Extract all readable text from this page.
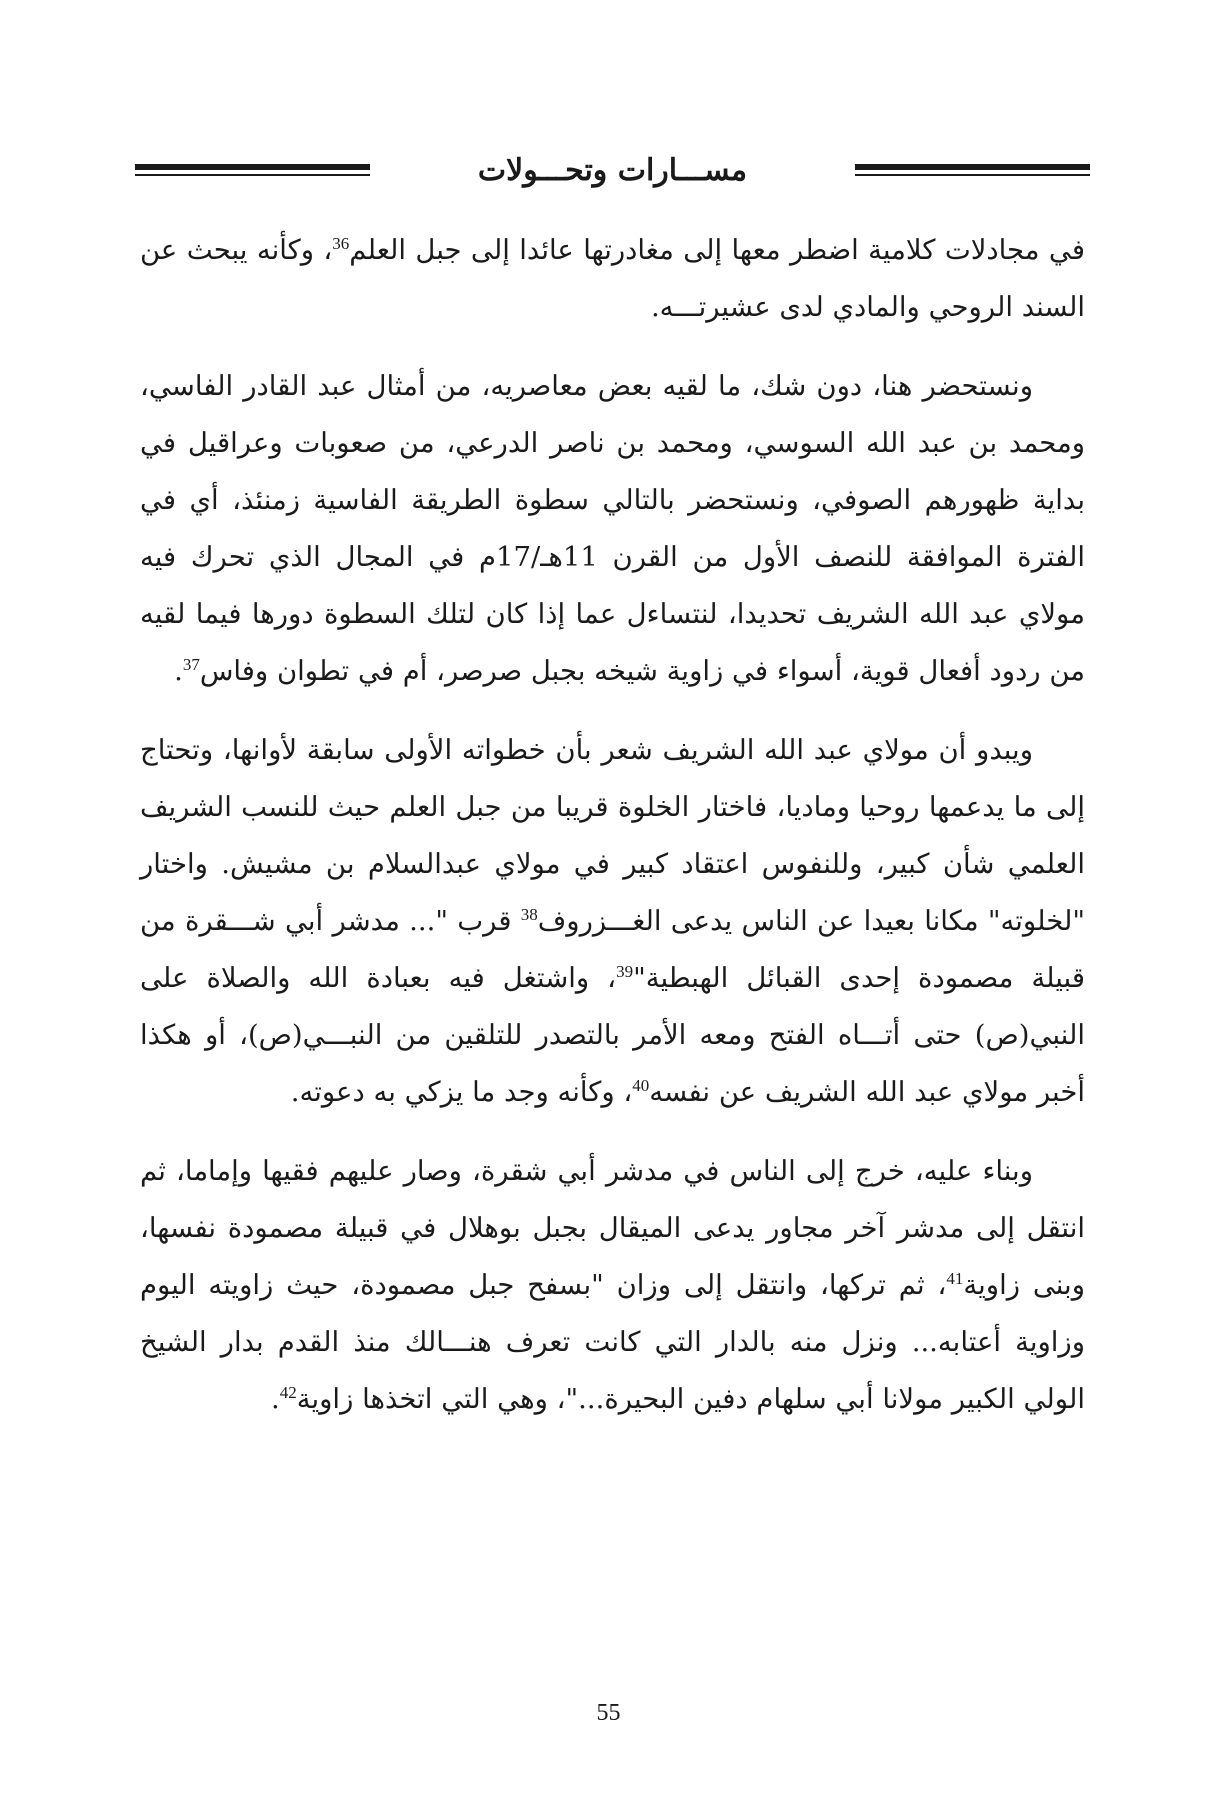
مســـارات وتحـــولات

في مجادلات كلامية اضطر معها إلى مغادرتها عائدا إلى جبل العلم$^{36}$، وكأنه يبحث عن السند الروحي والمادي لدى عشيرتـــه.

ونستحضر هنا، دون شك، ما لقيه بعض معاصريه، من أمثال عبد القادر الفاسي، ومحمد بن عبد الله السوسي، ومحمد بن ناصر الدرعي، من صعوبات وعراقيل في بداية ظهورهم الصوفي، ونستحضر بالتالي سطوة الطريقة الفاسية زمنئذ، أي في الفترة الموافقة للنصف الأول من القرن 11هـ/17م في المجال الذي تحرك فيه مولاي عبد الله الشريف تحديدا، لنتساءل عما إذا كان لتلك السطوة دورها فيما لقيه من ردود أفعال قوية، أسواء في زاوية شيخه بجبل صرصر، أم في تطوان وفاس$^{37}$.

ويبدو أن مولاي عبد الله الشريف شعر بأن خطواته الأولى سابقة لأوانها، وتحتاج إلى ما يدعمها روحيا وماديا، فاختار الخلوة قريبا من جبل العلم حيث للنسب الشريف العلمي شأن كبير، وللنفوس اعتقاد كبير في مولاي عبدالسلام بن مشيش. واختار "لخلوته" مكانا بعيدا عن الناس يدعى الغـــزروف$^{38}$ قرب "... مدشر أبي شـــقرة من قبيلة مصمودة إحدى القبائل الهبطية"$^{39}$، واشتغل فيه بعبادة الله والصلاة على النبي(ص) حتى أتـــاه الفتح ومعه الأمر بالتصدر للتلقين من النبـــي(ص)، أو هكذا أخبر مولاي عبد الله الشريف عن نفسه$^{40}$، وكأنه وجد ما يزكي به دعوته.

وبناء عليه، خرج إلى الناس في مدشر أبي شقرة، وصار عليهم فقيها وإماما، ثم انتقل إلى مدشر آخر مجاور يدعى الميقال بجبل بوهلال في قبيلة مصمودة نفسها، وبنى زاوية$^{41}$، ثم تركها، وانتقل إلى وزان "بسفح جبل مصمودة، حيث زاويته اليوم وزاوية أعتابه... ونزل منه بالدار التي كانت تعرف هنـــالك منذ القدم بدار الشيخ الولي الكبير مولانا أبي سلهام دفين البحيرة..."، وهي التي اتخذها زاوية$^{42}$.

55
